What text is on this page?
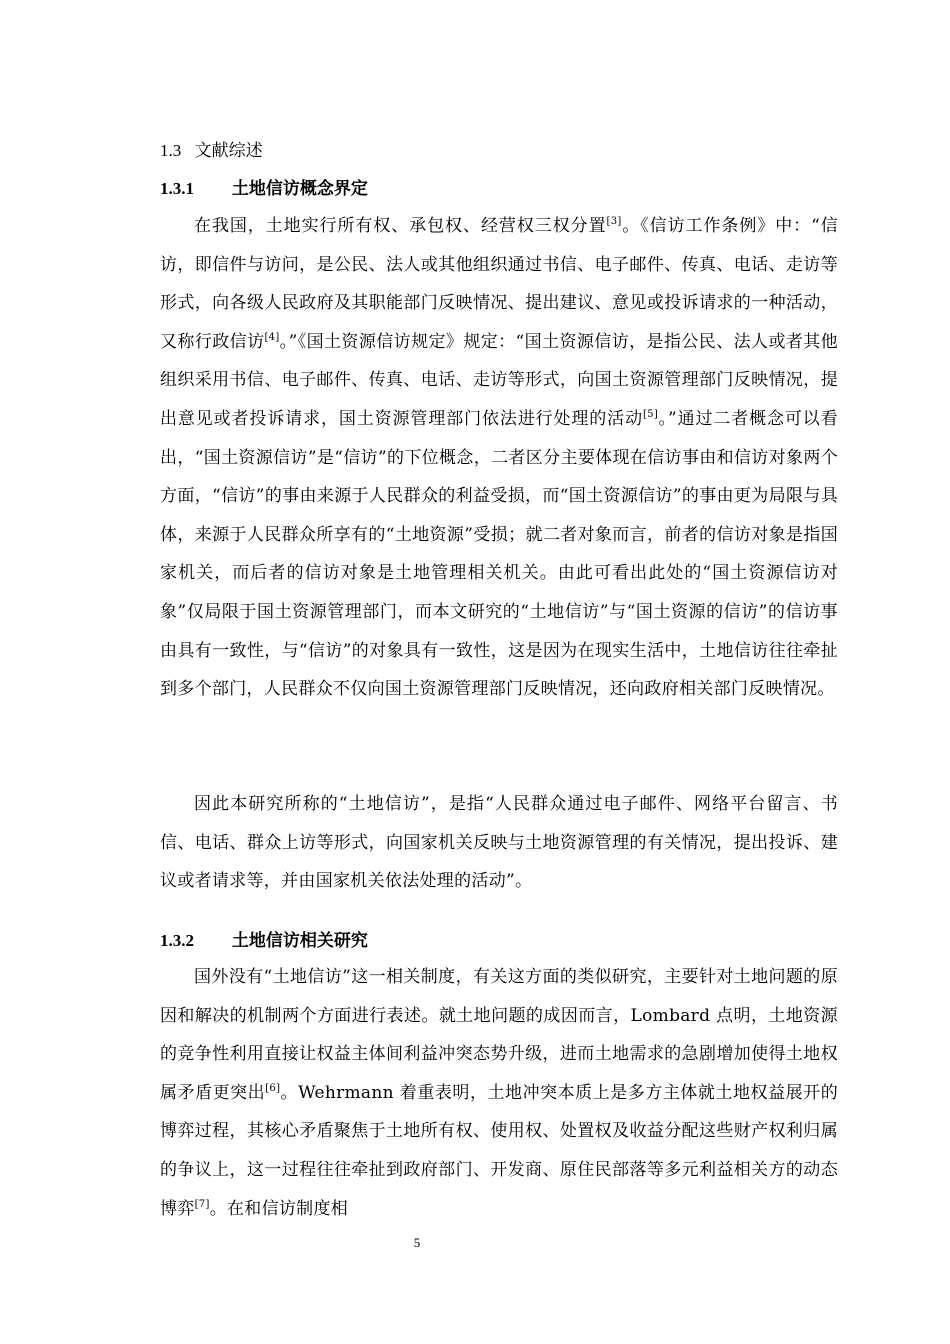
1.3 文献综述
1.3.1 土地信访概念界定
在我国，土地实行所有权、承包权、经营权三权分置[3]。《信访工作条例》中：“信访，即信件与访问，是公民、法人或其他组织通过书信、电子邮件、传真、电话、走访等形式，向各级人民政府及其职能部门反映情况、提出建议、意见或投诉请求的一种活动，又称行政信访[4]。”《国土资源信访规定》规定：“国土资源信访，是指公民、法人或者其他组织采用书信、电子邮件、传真、电话、走访等形式，向国土资源管理部门反映情况，提出意见或者投诉请求，国土资源管理部门依法进行处理的活动[5]。”通过二者概念可以看出，“国土资源信访”是“信访”的下位概念，二者区分主要体现在信访事由和信访对象两个方面，“信访”的事由来源于人民群众的利益受损，而“国土资源信访”的事由更为局限与具体，来源于人民群众所享有的“土地资源”受损；就二者对象而言，前者的信访对象是指国家机关，而后者的信访对象是土地管理相关机关。由此可看出此处的“国土资源信访对象”仅局限于国土资源管理部门，而本文研究的“土地信访”与“国土资源的信访”的信访事由具有一致性，与“信访”的对象具有一致性，这是因为在现实生活中，土地信访往往牵扯到多个部门，人民群众不仅向国土资源管理部门反映情况，还向政府相关部门反映情况。
因此本研究所称的“土地信访”，是指“人民群众通过电子邮件、网络平台留言、书信、电话、群众上访等形式，向国家机关反映与土地资源管理的有关情况，提出投诉、建议或者请求等，并由国家机关依法处理的活动”。
1.3.2 土地信访相关研究
国外没有“土地信访”这一相关制度，有关这方面的类似研究，主要针对土地问题的原因和解决的机制两个方面进行表述。就土地问题的成因而言，Lombard 点明，土地资源的竞争性利用直接让权益主体间利益冲突态势升级，进而土地需求的急剧增加使得土地权属矛盾更突出[6]。Wehrmann 着重表明，土地冲突本质上是多方主体就土地权益展开的博弈过程，其核心矛盾聚焦于土地所有权、使用权、处置权及收益分配这些财产权利归属的争议上，这一过程往往牵扯到政府部门、开发商、原住民部落等多元利益相关方的动态博弈[7]。在和信访制度相
5
